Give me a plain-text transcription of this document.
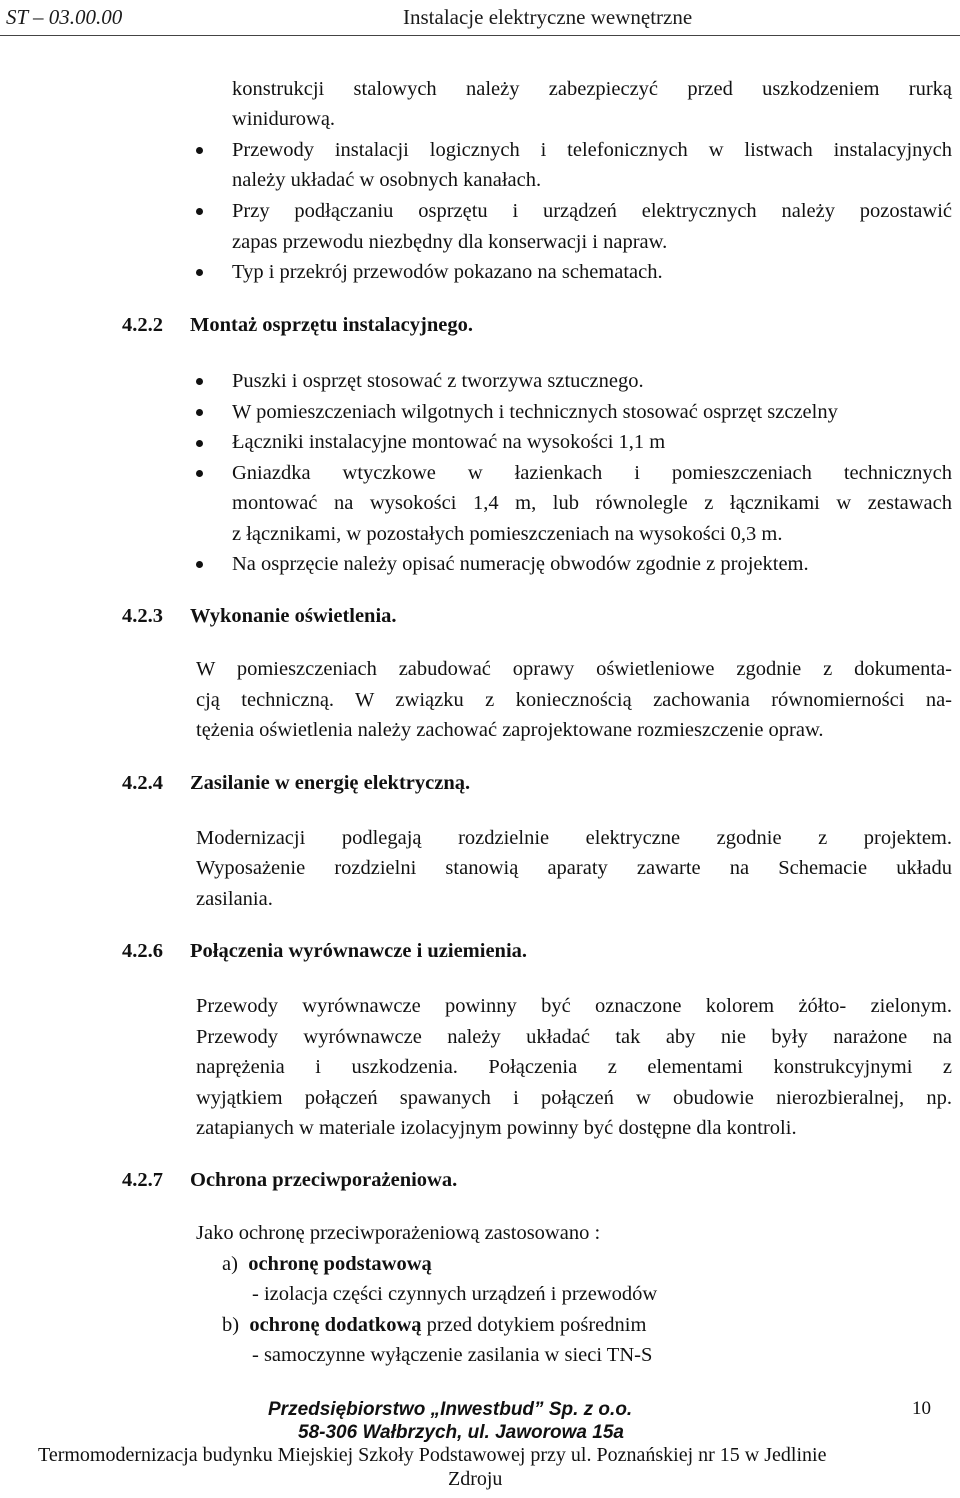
ST – 03.00.00	Instalacje elektryczne wewnętrzne
konstrukcji stalowych należy zabezpieczyć przed uszkodzeniem rurką
winidurową.
Przewody instalacji logicznych i telefonicznych w listwach instalacyjnych
należy układać w osobnych kanałach.
Przy podłączaniu osprzętu i urządzeń elektrycznych należy pozostawić
zapas przewodu niezbędny dla konserwacji i napraw.
Typ i przekrój przewodów pokazano na schematach.
4.2.2 Montaż osprzętu instalacyjnego.
Puszki i osprzęt stosować z tworzywa sztucznego.
W pomieszczeniach wilgotnych i technicznych stosować osprzęt szczelny
Łączniki instalacyjne montować na wysokości 1,1 m
Gniazdka wtyczkowe w łazienkach i pomieszczeniach technicznych
montować na wysokości 1,4 m, lub równolegle z łącznikami w zestawach
z łącznikami, w pozostałych pomieszczeniach na wysokości 0,3 m.
Na osprzęcie należy opisać numerację obwodów zgodnie z projektem.
4.2.3 Wykonanie oświetlenia.
W pomieszczeniach zabudować oprawy oświetleniowe zgodnie z dokumenta-
cją techniczną. W związku z koniecznością zachowania równomierności na-
tężenia oświetlenia należy zachować zaprojektowane rozmieszczenie opraw.
4.2.4 Zasilanie w energię elektryczną.
Modernizacji podlegają rozdzielnie elektryczne zgodnie z projektem.
Wyposażenie rozdzielni stanowią aparaty zawarte na Schemacie układu
zasilania.
4.2.6 Połączenia wyrównawcze i uziemienia.
Przewody wyrównawcze powinny być oznaczone kolorem żółto- zielonym.
Przewody wyrównawcze należy układać tak aby nie były narażone na
naprężenia i uszkodzenia. Połączenia z elementami konstrukcyjnymi z
wyjątkiem połączeń spawanych i połączeń w obudowie nierozbieralnej, np.
zatapianych w materiale izolacyjnym powinny być dostępne dla kontroli.
4.2.7 Ochrona przeciwporażeniowa.
Jako ochronę przeciwporażeniową zastosowano :
a) ochronę podstawową
- izolacja części czynnych urządzeń i przewodów
b) ochronę dodatkową przed dotykiem pośrednim
- samoczynne wyłączenie zasilania w sieci TN-S
Przedsiębiorstwo „Inwestbud” Sp. z o.o.
58-306 Wałbrzych, ul. Jaworowa 15a
10
Termomodernizacja budynku Miejskiej Szkoły Podstawowej przy ul. Poznańskiej nr 15 w Jedlinie
Zdroju
